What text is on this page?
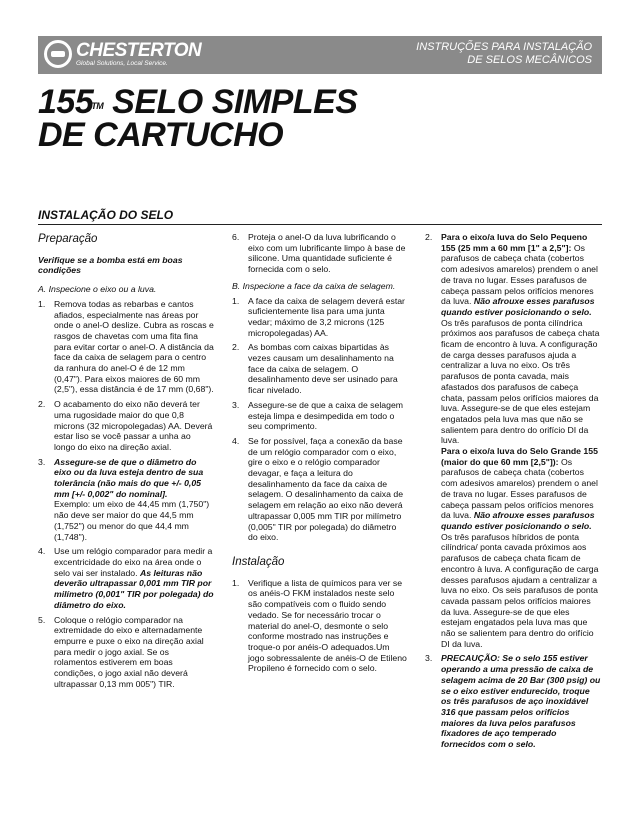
CHESTERTON
Global Solutions, Local Service.
INSTRUÇÕES PARA INSTALAÇÃO
DE SELOS MECÂNICOS
155™ SELO SIMPLES
DE CARTUCHO
INSTALAÇÃO DO SELO
Preparação

Verifique se a bomba está em boas condições

A. Inspecione o eixo ou a luva.

1.	Remova todas as rebarbas e cantos afiados, especialmente nas áreas por onde o anel-O deslize. Cubra as roscas e rasgos de chavetas com uma fita fina para evitar cortar o anel-O. A distância da face da caixa de selagem para o centro da ranhura do anel-O é de 12 mm (0,47"). Para eixos maiores de 60 mm (2,5"), essa distância é de 17 mm (0,68").
2.	O acabamento do eixo não deverá ter uma rugosidade maior do que 0,8 microns (32 micropolegadas) AA. Deverá estar liso se você passar a unha ao longo do eixo na direção axial.
3.	Assegure-se de que o diâmetro do eixo ou da luva esteja dentro de sua tolerância (não mais do que +/- 0,05 mm [+/- 0,002" do nominal].
Exemplo: um eixo de 44,45 mm (1,750") não deve ser maior do que 44,5 mm (1,752") ou menor do que 44,4 mm (1,748").
4.	Use um relógio comparador para medir a excentricidade do eixo na área onde o selo vai ser instalado. As leituras não deverão ultrapassar 0,001 mm TIR por milímetro (0,001" TIR por polegada) do diâmetro do eixo.
5.	Coloque o relógio comparador na extremidade do eixo e alternadamente empurre e puxe o eixo na direção axial para medir o jogo axial. Se os rolamentos estiverem em boas condições, o jogo axial não deverá ultrapassar 0,13 mm 005") TIR.
6.	Proteja o anel-O da luva lubrificando o eixo com um lubrificante limpo à base de silicone. Uma quantidade suficiente é fornecida com o selo.

B. Inspecione a face da caixa de selagem.

1.	A face da caixa de selagem deverá estar suficientemente lisa para uma junta vedar; máximo de 3,2 microns (125 micropolegadas) AA.
2.	As bombas com caixas bipartidas às vezes causam um desalinhamento na face da caixa de selagem. O desalinhamento deve ser usinado para ficar nivelado.
3.	Assegure-se de que a caixa de selagem esteja limpa e desimpedida em todo o seu comprimento.
4.	Se for possível, faça a conexão da base de um relógio comparador com o eixo, gire o eixo e o relógio comparador devagar, e faça a leitura do desalinhamento da face da caixa de selagem. O desalinhamento da caixa de selagem em relação ao eixo não deverá ultrapassar 0,005 mm TIR por milímetro (0,005" TIR por polegada) do diâmetro do eixo.
Instalação
1.	Verifique a lista de químicos para ver se os anéis-O FKM instalados neste selo são compatíveis com o fluido sendo vedado. Se for necessário trocar o material do anel-O, desmonte o selo conforme mostrado nas instruções e troque-o por anéis-O adequados.Um jogo sobressalente de anéis-O de Etileno Propileno é fornecido com o selo.
2.	Para o eixo/a luva do Selo Pequeno 155 (25 mm a 60 mm [1" a 2,5"]: Os parafusos de cabeça chata (cobertos com adesivos amarelos) prendem o anel de trava no lugar. Esses parafusos de cabeça passam pelos orifícios menores da luva. Não afrouxe esses parafusos quando estiver posicionando o selo. Os três parafusos de ponta cilíndrica próximos aos parafusos de cabeça chata ficam de encontro à luva. A configuração de carga desses parafusos ajuda a centralizar a luva no eixo. Os três parafusos de ponta cavada, mais afastados dos parafusos de cabeça chata, passam pelos orifícios maiores da luva. Assegure-se de que eles estejam engatados pela luva mas que não se salientem para dentro do orifício DI da luva.
Para o eixo/a luva do Selo Grande 155 (maior do que 60 mm [2,5"]): Os parafusos de cabeça chata (cobertos com adesivos amarelos) prendem o anel de trava no lugar. Esses parafusos de cabeça passam pelos orifícios menores da luva. Não afrouxe esses parafusos quando estiver posicionando o selo. Os três parafusos híbridos de ponta cilíndrica/ ponta cavada próximos aos parafusos de cabeça chata ficam de encontro à luva. A configuração de carga desses parafusos ajudam a centralizar a luva no eixo. Os seis parafusos de ponta cavada passam pelos orifícios maiores da luva. Assegure-se de que eles estejam engatados pela luva mas que não se salientem para dentro do orifício DI da luva.
3.	PRECAUÇÃO: Se o selo 155 estiver operando a uma pressão de caixa de selagem acima de 20 Bar (300 psig) ou se o eixo estiver endurecido, troque os três parafusos de aço inoxidável 316 que passam pelos orifícios maiores da luva pelos parafusos fixadores de aço temperado fornecidos com o selo.
